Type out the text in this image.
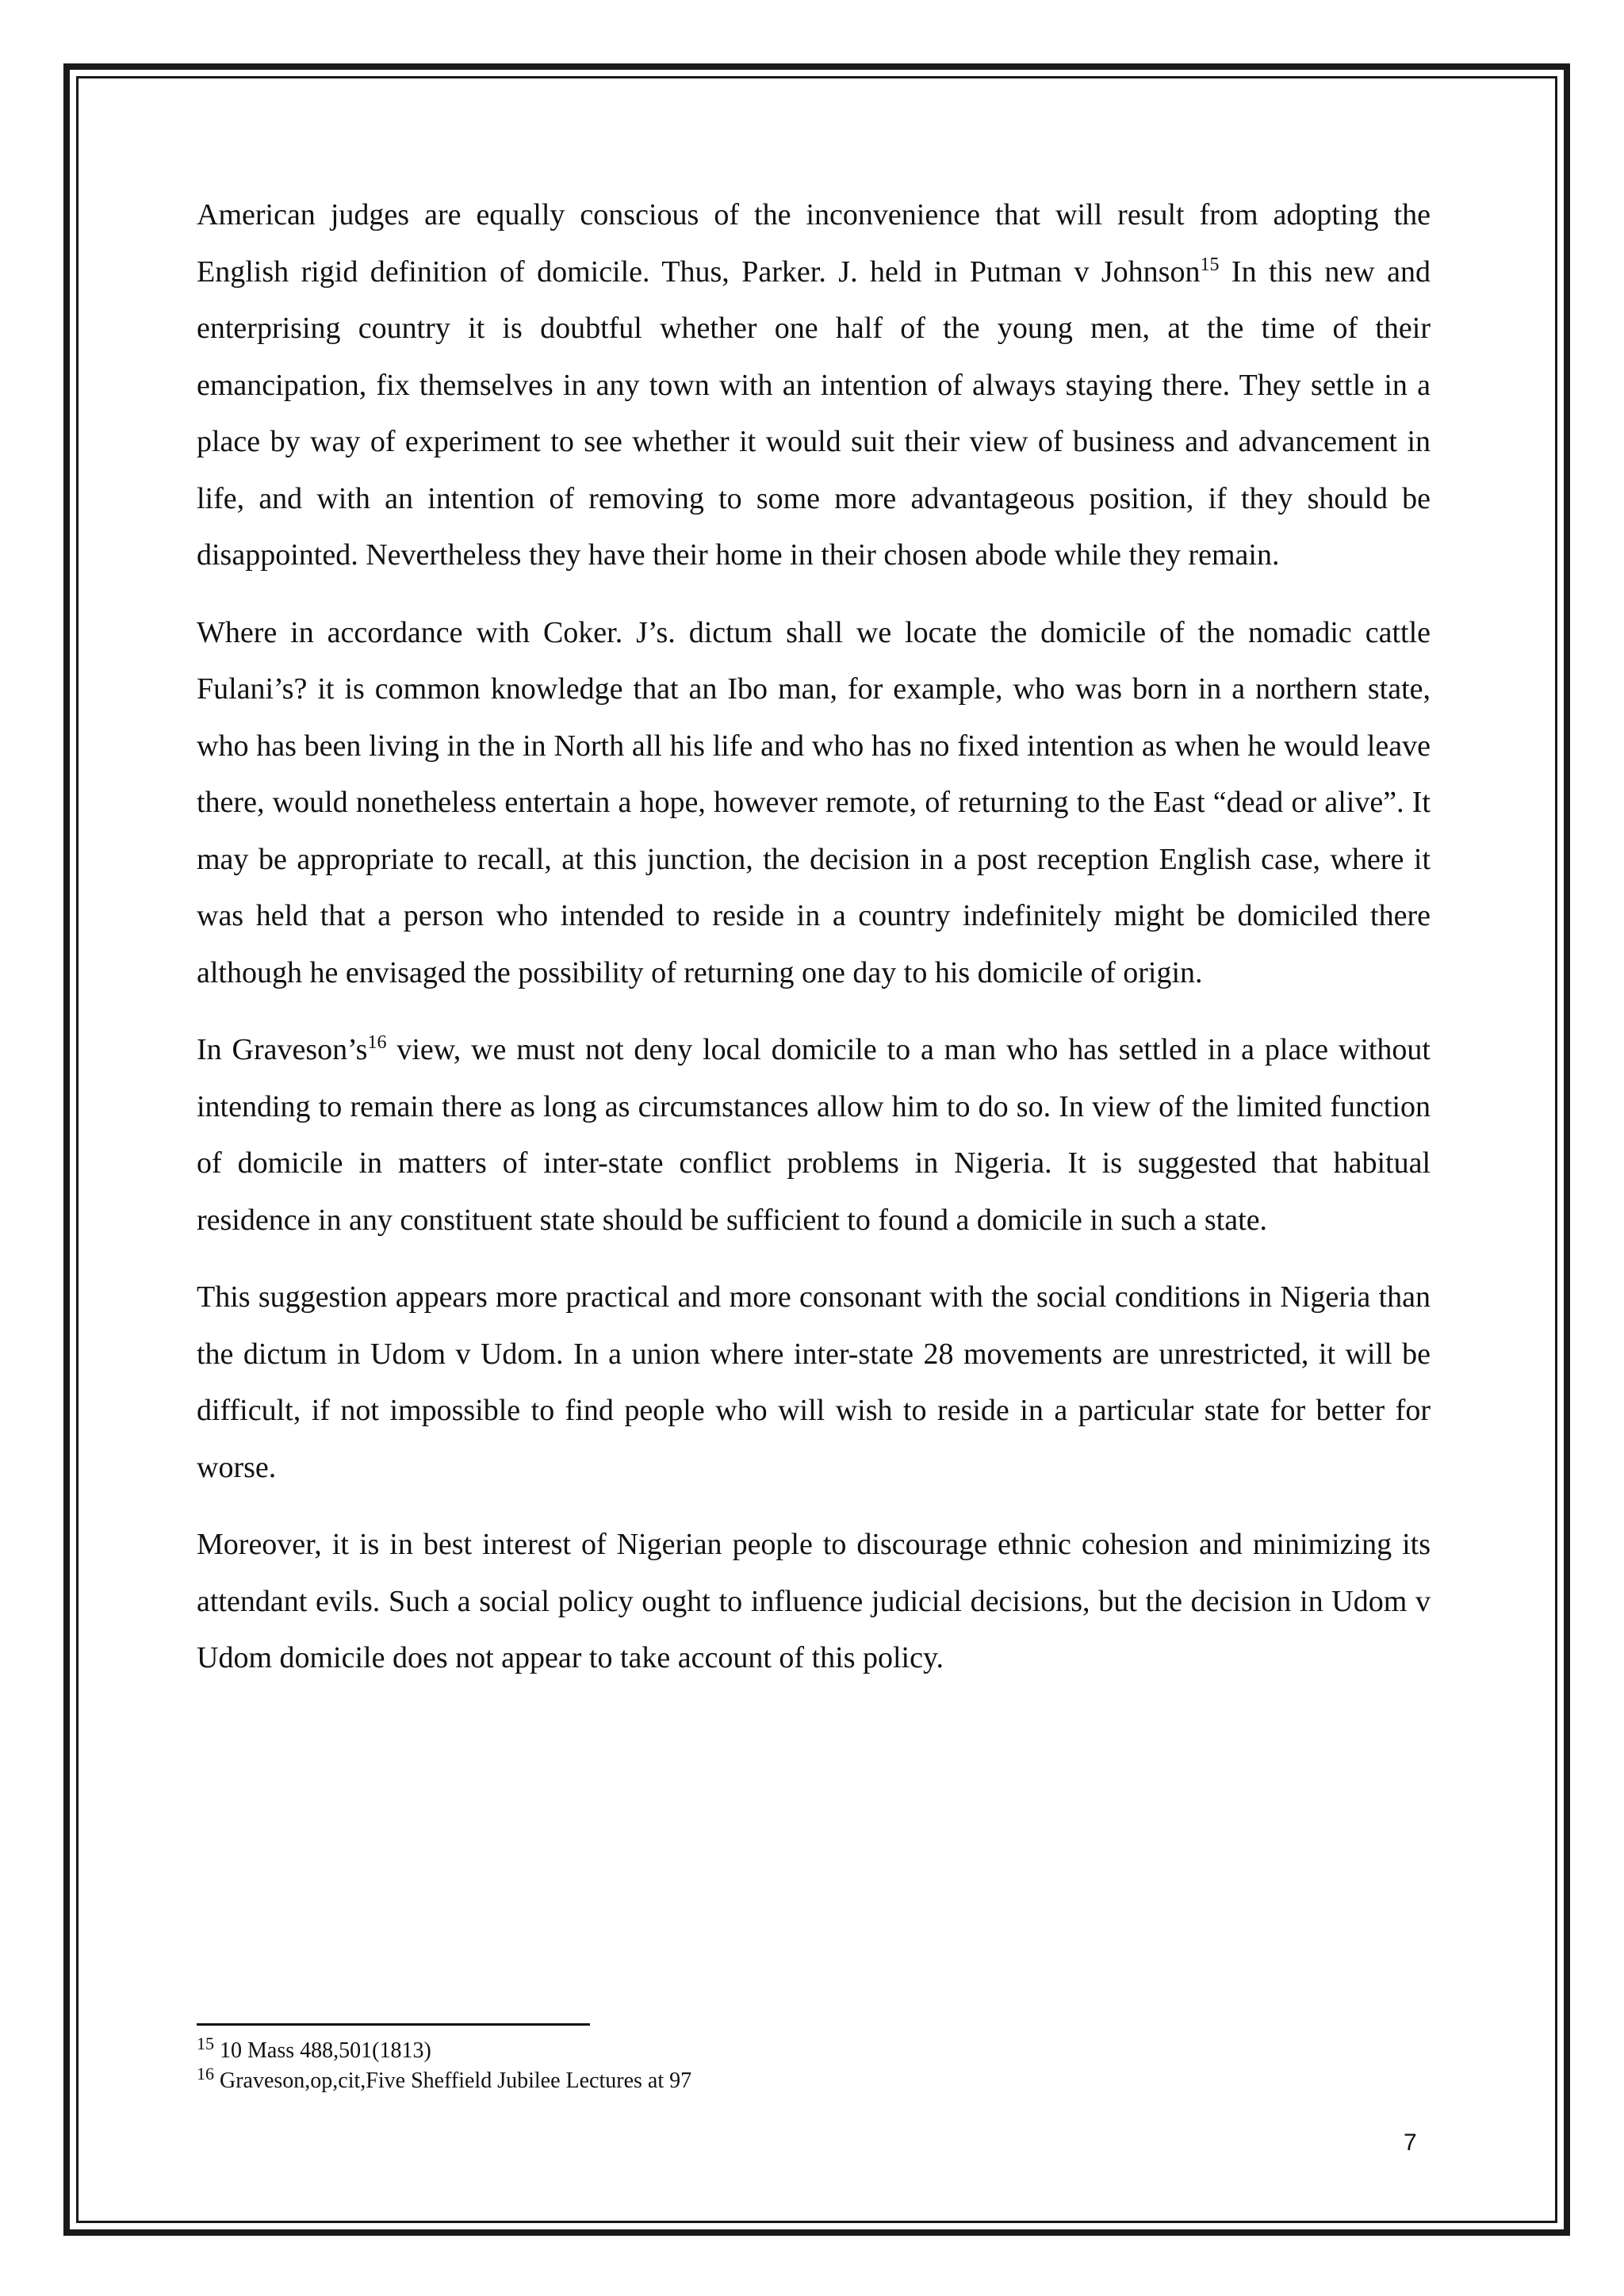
American judges are equally conscious of the inconvenience that will result from adopting the English rigid definition of domicile. Thus, Parker. J. held in Putman v Johnson$^{15}$ In this new and enterprising country it is doubtful whether one half of the young men, at the time of their emancipation, fix themselves in any town with an intention of always staying there. They settle in a place by way of experiment to see whether it would suit their view of business and advancement in life, and with an intention of removing to some more advantageous position, if they should be disappointed. Nevertheless they have their home in their chosen abode while they remain.

Where in accordance with Coker. J’s. dictum shall we locate the domicile of the nomadic cattle Fulani’s? it is common knowledge that an Ibo man, for example, who was born in a northern state, who has been living in the in North all his life and who has no fixed intention as when he would leave there, would nonetheless entertain a hope, however remote, of returning to the East “dead or alive”. It may be appropriate to recall, at this junction, the decision in a post reception English case, where it was held that a person who intended to reside in a country indefinitely might be domiciled there although he envisaged the possibility of returning one day to his domicile of origin.

In $Graveson’s^{16}$ view, we must not deny local domicile to a man who has settled in a place without intending to remain there as long as circumstances allow him to do so. In view of the limited function of domicile in matters of inter-state conflict problems in Nigeria. It is suggested that habitual residence in any constituent state should be sufficient to found a domicile in such a state.

This suggestion appears more practical and more consonant with the social conditions in Nigeria than the dictum in Udom v Udom. In a union where inter-state 28 movements are unrestricted, it will be difficult, if not impossible to find people who will wish to reside in a particular state for better for worse.

Moreover, it is in best interest of Nigerian people to discourage ethnic cohesion and minimizing its attendant evils. Such a social policy ought to influence judicial decisions, but the decision in Udom v Udom domicile does not appear to take account of this policy.

$^{15}$ 10 Mass 488,501(1813)
$^{16}$ Graveson,op,cit,Five Sheffield Jubilee Lectures at 97
7
